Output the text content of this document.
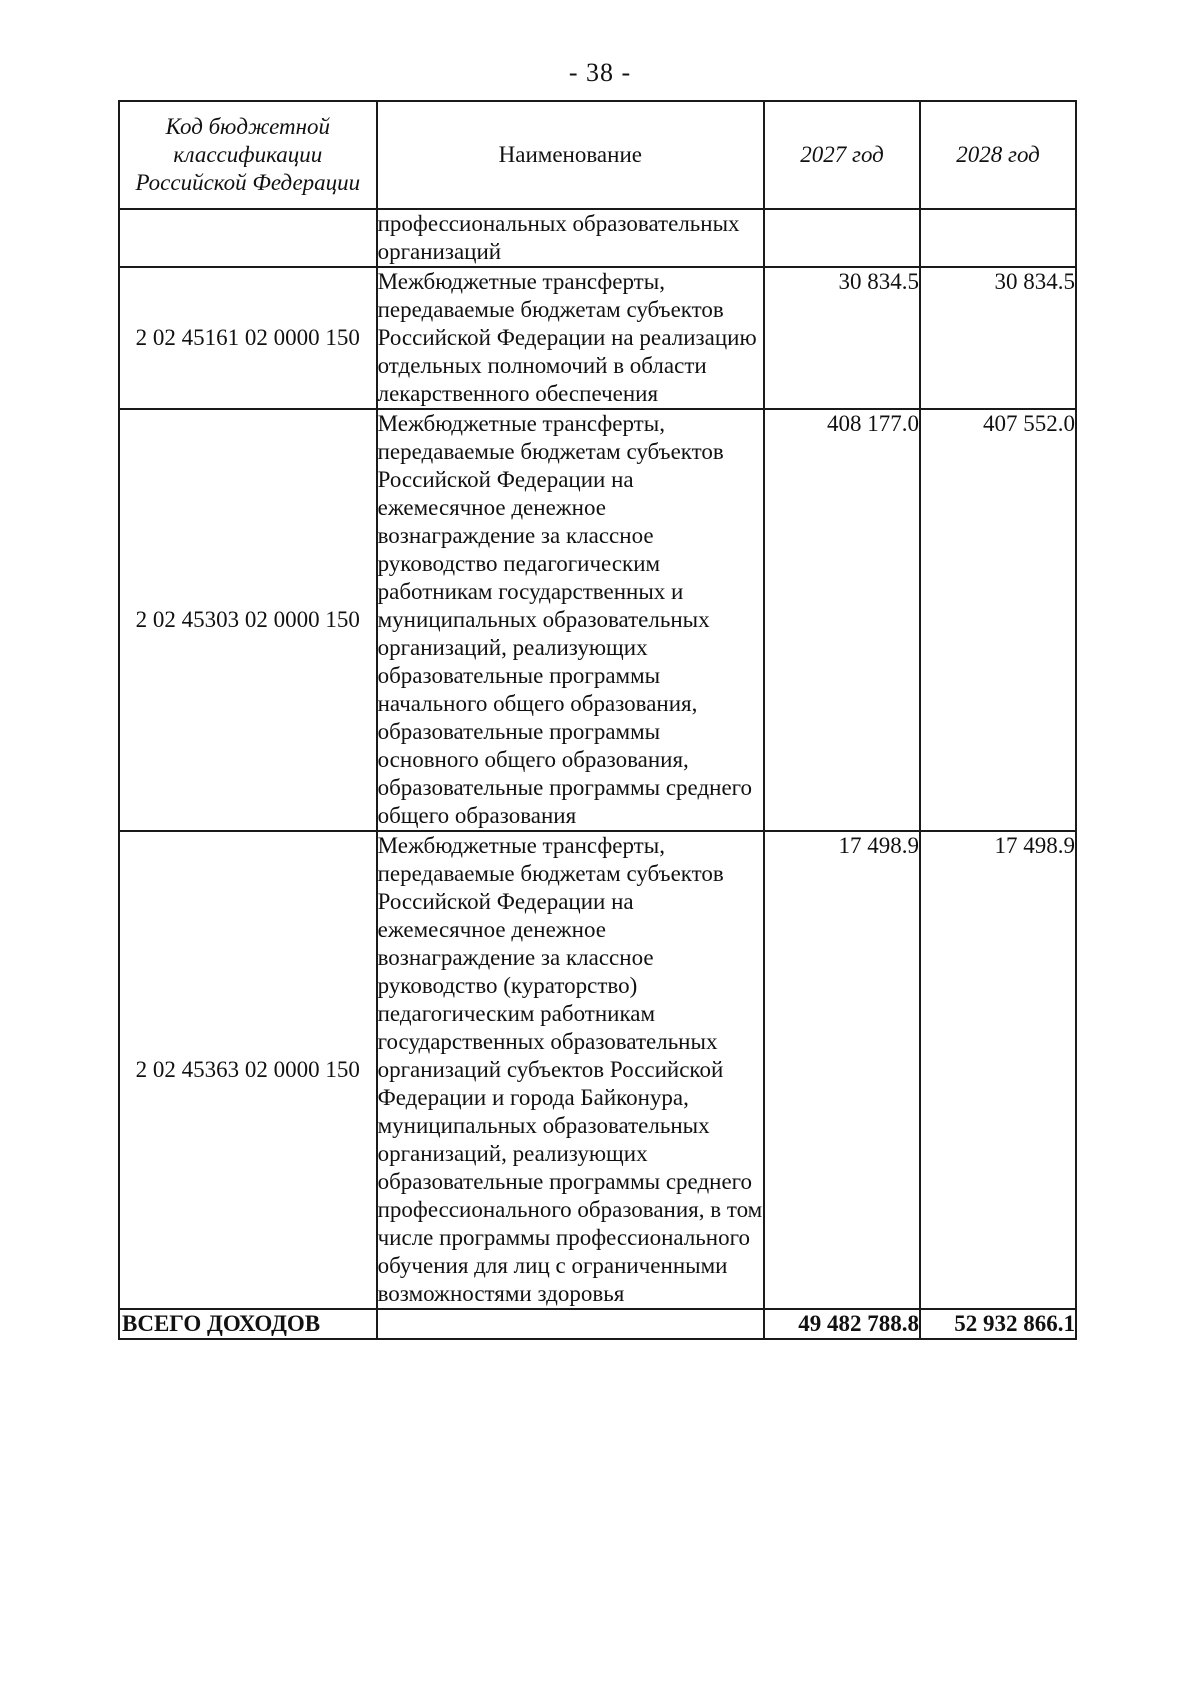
- 38 -
Код бюджетной классификации Российской Федерации	Наименование	2027 год	2028 год
	профессиональных образовательных организаций		
2 02 45161 02 0000 150	Межбюджетные трансферты, передаваемые бюджетам субъектов Российской Федерации на реализацию отдельных полномочий в области лекарственного обеспечения	30 834.5	30 834.5
2 02 45303 02 0000 150	Межбюджетные трансферты, передаваемые бюджетам субъектов Российской Федерации на ежемесячное денежное вознаграждение за классное руководство педагогическим работникам государственных и муниципальных образовательных организаций, реализующих образовательные программы начального общего образования, образовательные программы основного общего образования, образовательные программы среднего общего образования	408 177.0	407 552.0
2 02 45363 02 0000 150	Межбюджетные трансферты, передаваемые бюджетам субъектов Российской Федерации на ежемесячное денежное вознаграждение за классное руководство (кураторство) педагогическим работникам государственных образовательных организаций субъектов Российской Федерации и города Байконура, муниципальных образовательных организаций, реализующих образовательные программы среднего профессионального образования, в том числе программы профессионального обучения для лиц с ограниченными возможностями здоровья	17 498.9	17 498.9
ВСЕГО ДОХОДОВ		49 482 788.8	52 932 866.1
